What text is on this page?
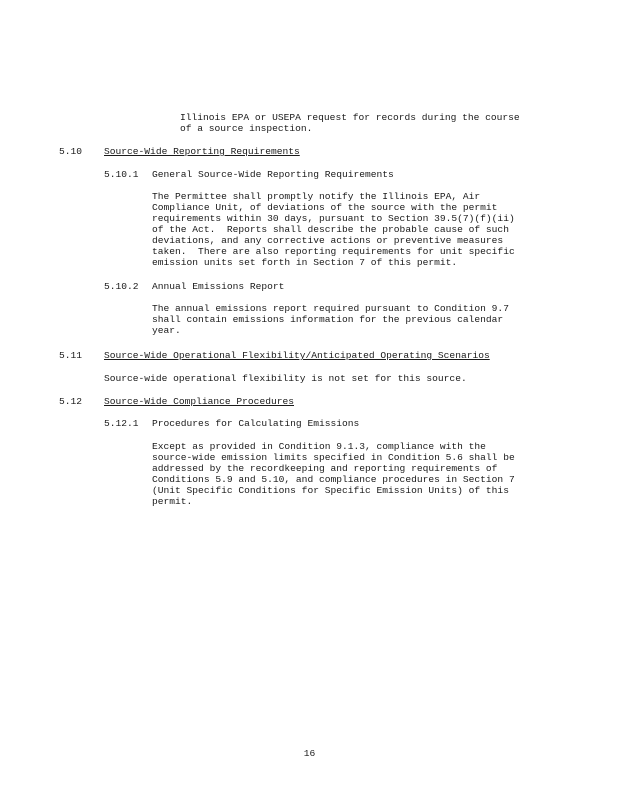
Illinois EPA or USEPA request for records during the course
of a source inspection.
5.10 Source-Wide Reporting Requirements
5.10.1 General Source-Wide Reporting Requirements
The Permittee shall promptly notify the Illinois EPA, Air
Compliance Unit, of deviations of the source with the permit
requirements within 30 days, pursuant to Section 39.5(7)(f)(ii)
of the Act.  Reports shall describe the probable cause of such
deviations, and any corrective actions or preventive measures
taken.  There are also reporting requirements for unit specific
emission units set forth in Section 7 of this permit.
5.10.2 Annual Emissions Report
The annual emissions report required pursuant to Condition 9.7
shall contain emissions information for the previous calendar
year.
5.11 Source-Wide Operational Flexibility/Anticipated Operating Scenarios
Source-wide operational flexibility is not set for this source.
5.12 Source-Wide Compliance Procedures
5.12.1 Procedures for Calculating Emissions
Except as provided in Condition 9.1.3, compliance with the
source-wide emission limits specified in Condition 5.6 shall be
addressed by the recordkeeping and reporting requirements of
Conditions 5.9 and 5.10, and compliance procedures in Section 7
(Unit Specific Conditions for Specific Emission Units) of this
permit.
16
